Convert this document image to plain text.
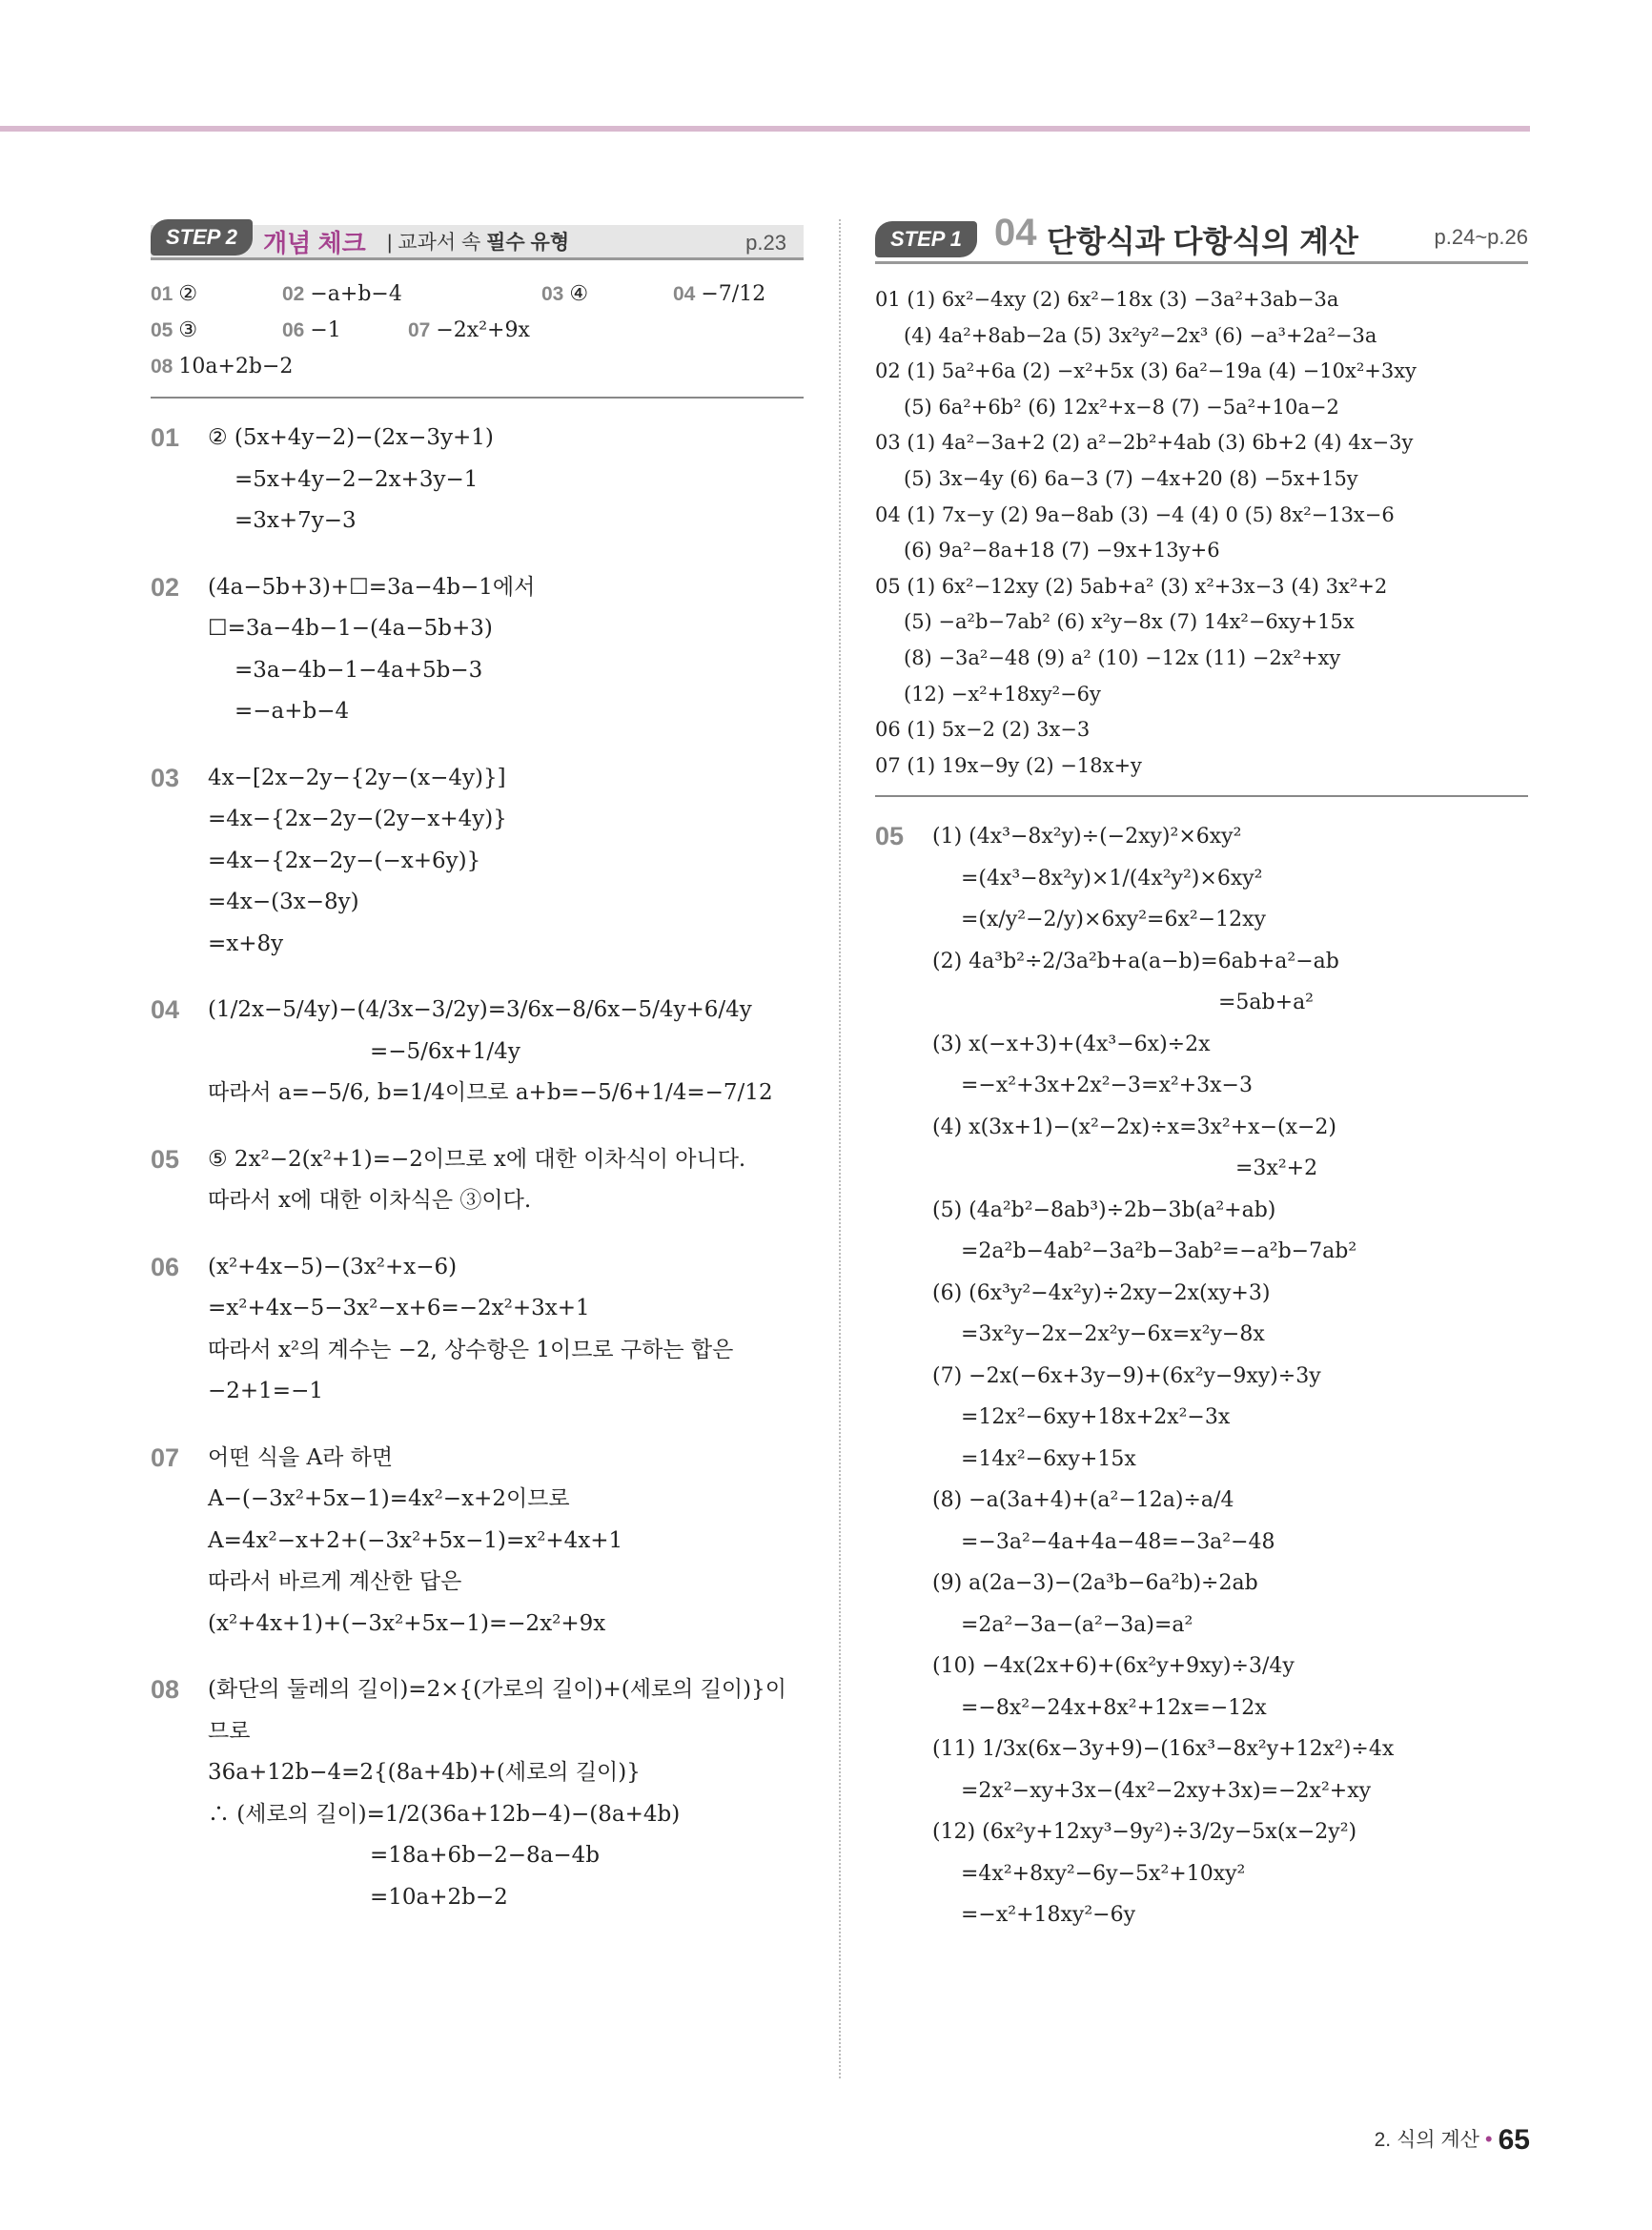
STEP 2	개념 체크 | 교과서 속 필수 유형	p.23
01 ②	02 −a+b−4	03 ④	04 −7/12
05 ③	06 −1	07 −2x²+9x
08 10a+2b−2
01	② (5x+4y−2)−(2x−3y+1)
=5x+4y−2−2x+3y−1
=3x+7y−3
02	(4a−5b+3)+☐=3a−4b−1에서
☐=3a−4b−1−(4a−5b+3)
=3a−4b−1−4a+5b−3
=−a+b−4
03	4x−[2x−2y−{2y−(x−4y)}]
=4x−{2x−2y−(2y−x+4y)}
=4x−{2x−2y−(−x+6y)}
=4x−(3x−8y)
=x+8y
04	(1/2x−5/4y)−(4/3x−3/2y)=3/6x−8/6x−5/4y+6/4y
=−5/6x+1/4y
따라서 a=−5/6, b=1/4이므로 a+b=−5/6+1/4=−7/12
05	⑤ 2x²−2(x²+1)=−2이므로 x에 대한 이차식이 아니다.
따라서 x에 대한 이차식은 ③이다.
06	(x²+4x−5)−(3x²+x−6)
=x²+4x−5−3x²−x+6=−2x²+3x+1
따라서 x²의 계수는 −2, 상수항은 1이므로 구하는 합은
−2+1=−1
07	어떤 식을 A라 하면
A−(−3x²+5x−1)=4x²−x+2이므로
A=4x²−x+2+(−3x²+5x−1)=x²+4x+1
따라서 바르게 계산한 답은
(x²+4x+1)+(−3x²+5x−1)=−2x²+9x
08	(화단의 둘레의 길이)=2×{(가로의 길이)+(세로의 길이)}이
므로
36a+12b−4=2{(8a+4b)+(세로의 길이)}
∴ (세로의 길이)=1/2(36a+12b−4)−(8a+4b)
=18a+6b−2−8a−4b
=10a+2b−2
STEP 1 04 단항식과 다항식의 계산	p.24~p.26
01 (1) 6x²−4xy (2) 6x²−18x (3) −3a²+3ab−3a
(4) 4a²+8ab−2a (5) 3x²y²−2x³ (6) −a³+2a²−3a
02 (1) 5a²+6a (2) −x²+5x (3) 6a²−19a (4) −10x²+3xy
(5) 6a²+6b² (6) 12x²+x−8 (7) −5a²+10a−2
03 (1) 4a²−3a+2 (2) a²−2b²+4ab (3) 6b+2 (4) 4x−3y
(5) 3x−4y (6) 6a−3 (7) −4x+20 (8) −5x+15y
04 (1) 7x−y (2) 9a−8ab (3) −4 (4) 0 (5) 8x²−13x−6
(6) 9a²−8a+18 (7) −9x+13y+6
05 (1) 6x²−12xy (2) 5ab+a² (3) x²+3x−3 (4) 3x²+2
(5) −a²b−7ab² (6) x²y−8x (7) 14x²−6xy+15x
(8) −3a²−48 (9) a² (10) −12x (11) −2x²+xy
(12) −x²+18xy²−6y
06 (1) 5x−2 (2) 3x−3
07 (1) 19x−9y (2) −18x+y
05	(1) (4x³−8x²y)÷(−2xy)²×6xy²
=(4x³−8x²y)×1/(4x²y²)×6xy²
=(x/y²−2/y)×6xy²=6x²−12xy
(2) 4a³b²÷2/3a²b+a(a−b)=6ab+a²−ab
=5ab+a²
(3) x(−x+3)+(4x³−6x)÷2x
=−x²+3x+2x²−3=x²+3x−3
(4) x(3x+1)−(x²−2x)÷x=3x²+x−(x−2)
=3x²+2
(5) (4a²b²−8ab³)÷2b−3b(a²+ab)
=2a²b−4ab²−3a²b−3ab²=−a²b−7ab²
(6) (6x³y²−4x²y)÷2xy−2x(xy+3)
=3x²y−2x−2x²y−6x=x²y−8x
(7) −2x(−6x+3y−9)+(6x²y−9xy)÷3y
=12x²−6xy+18x+2x²−3x
=14x²−6xy+15x
(8) −a(3a+4)+(a²−12a)÷a/4
=−3a²−4a+4a−48=−3a²−48
(9) a(2a−3)−(2a³b−6a²b)÷2ab
=2a²−3a−(a²−3a)=a²
(10) −4x(2x+6)+(6x²y+9xy)÷3/4y
=−8x²−24x+8x²+12x=−12x
(11) 1/3x(6x−3y+9)−(16x³−8x²y+12x²)÷4x
=2x²−xy+3x−(4x²−2xy+3x)=−2x²+xy
(12) (6x²y+12xy³−9y²)÷3/2y−5x(x−2y²)
=4x²+8xy²−6y−5x²+10xy²
=−x²+18xy²−6y
2. 식의 계산 • 65
